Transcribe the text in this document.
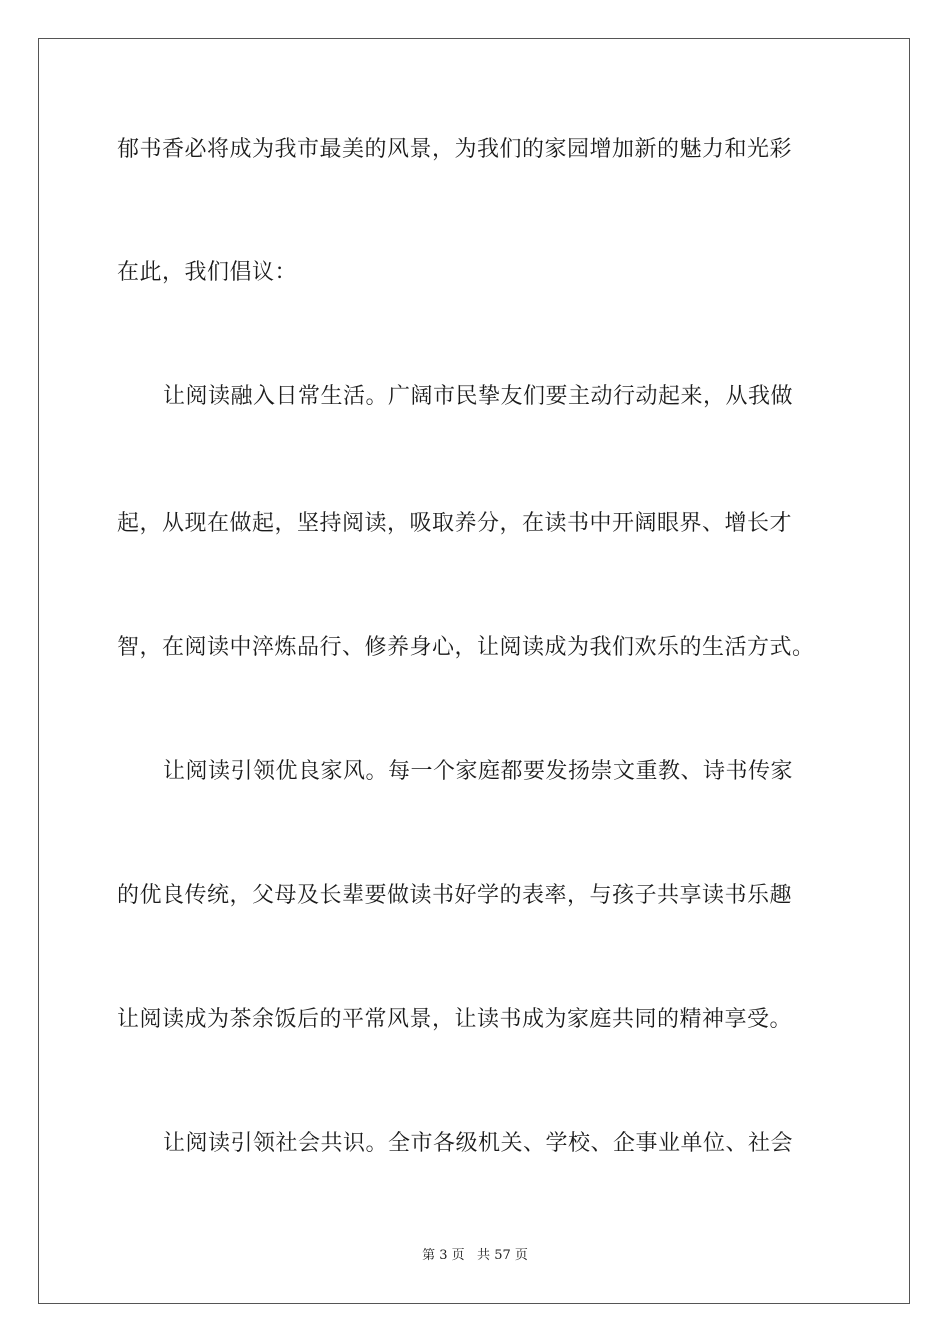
郁书香必将成为我市最美的风景，为我们的家园增加新的魅力和光彩
在此，我们倡议：
让阅读融入日常生活。广阔市民挚友们要主动行动起来，从我做
起，从现在做起，坚持阅读，吸取养分，在读书中开阔眼界、增长才
智，在阅读中淬炼品行、修养身心，让阅读成为我们欢乐的生活方式。
让阅读引领优良家风。每一个家庭都要发扬崇文重教、诗书传家
的优良传统，父母及长辈要做读书好学的表率，与孩子共享读书乐趣
让阅读成为茶余饭后的平常风景，让读书成为家庭共同的精神享受。
让阅读引领社会共识。全市各级机关、学校、企事业单位、社会
第 3 页   共 57 页
